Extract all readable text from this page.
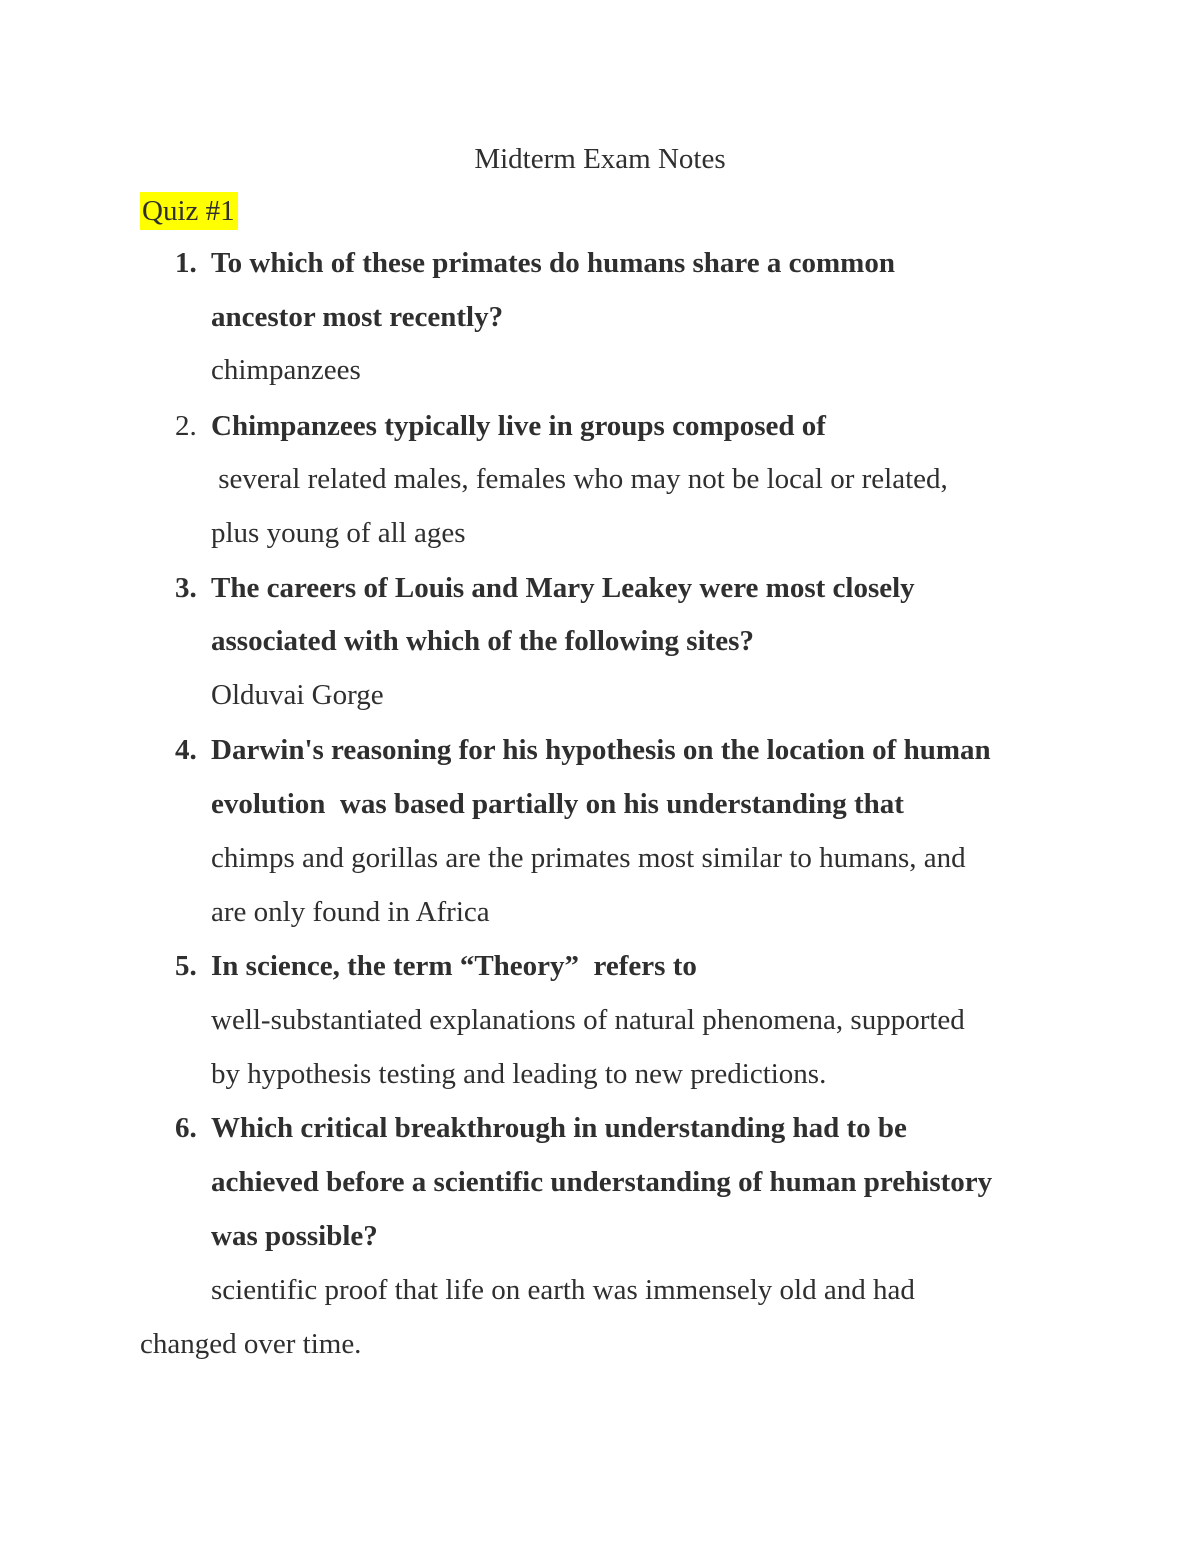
Midterm Exam Notes
Quiz #1
1. To which of these primates do humans share a common
ancestor most recently?
chimpanzees
2. Chimpanzees typically live in groups composed of
several related males, females who may not be local or related,
plus young of all ages
3. The careers of Louis and Mary Leakey were most closely
associated with which of the following sites?
Olduvai Gorge
4. Darwin's reasoning for his hypothesis on the location of human
evolution  was based partially on his understanding that
chimps and gorillas are the primates most similar to humans, and
are only found in Africa
5. In science, the term “Theory”  refers to
well-substantiated explanations of natural phenomena, supported
by hypothesis testing and leading to new predictions.
6. Which critical breakthrough in understanding had to be
achieved before a scientific understanding of human prehistory
was possible?
scientific proof that life on earth was immensely old and had
changed over time.
